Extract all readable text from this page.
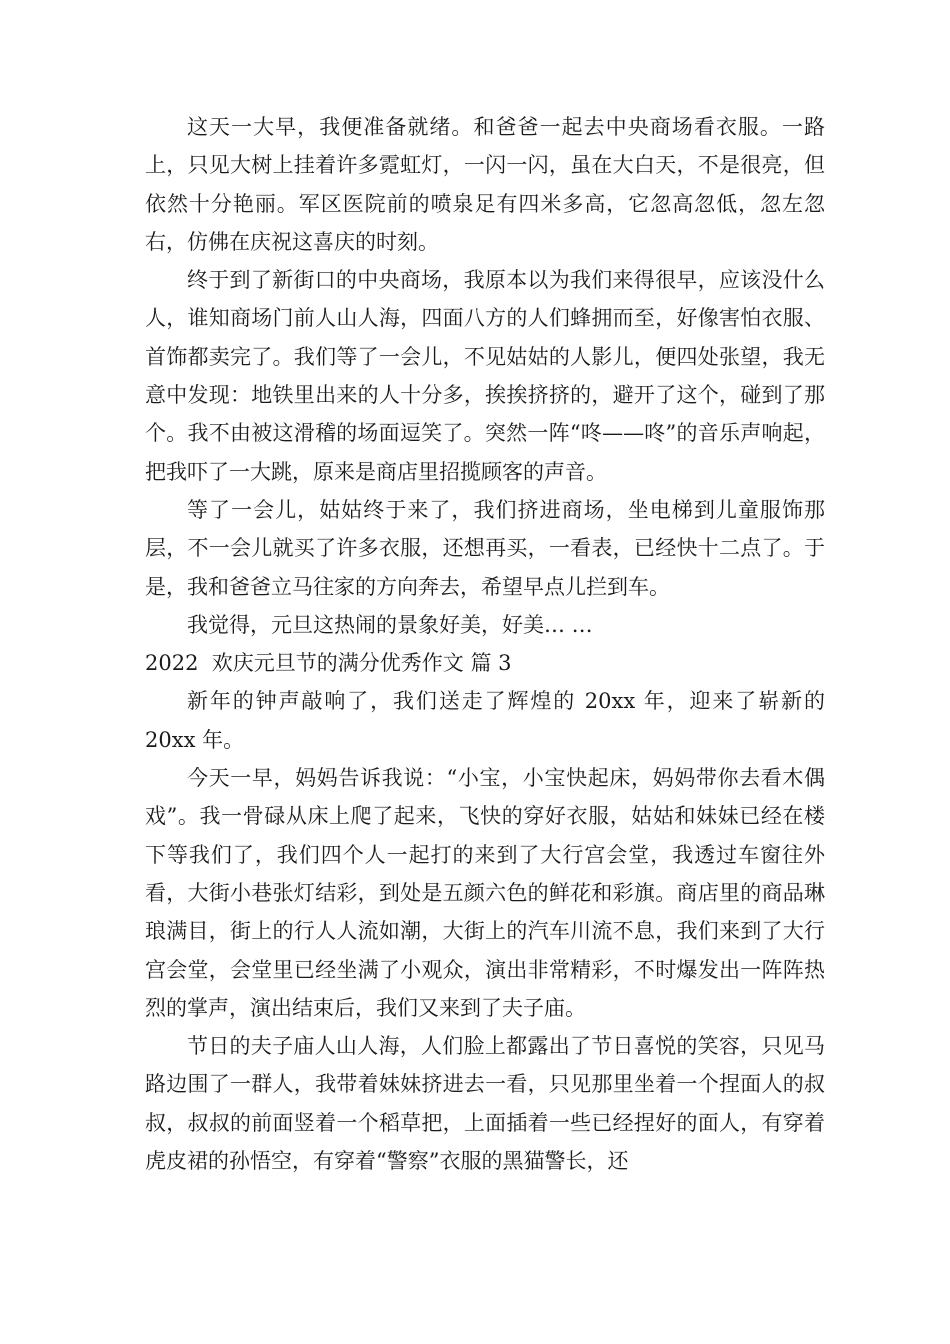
这天一大早，我便准备就绪。和爸爸一起去中央商场看衣服。一路上，只见大树上挂着许多霓虹灯，一闪一闪，虽在大白天，不是很亮，但依然十分艳丽。军区医院前的喷泉足有四米多高，它忽高忽低，忽左忽右，仿佛在庆祝这喜庆的时刻。

终于到了新街口的中央商场，我原本以为我们来得很早，应该没什么人，谁知商场门前人山人海，四面八方的人们蜂拥而至，好像害怕衣服、首饰都卖完了。我们等了一会儿，不见姑姑的人影儿，便四处张望，我无意中发现：地铁里出来的人十分多，挨挨挤挤的，避开了这个，碰到了那个。我不由被这滑稽的场面逗笑了。突然一阵“咚——咚”的音乐声响起，把我吓了一大跳，原来是商店里招揽顾客的声音。

等了一会儿，姑姑终于来了，我们挤进商场，坐电梯到儿童服饰那层，不一会儿就买了许多衣服，还想再买，一看表，已经快十二点了。于是，我和爸爸立马往家的方向奔去，希望早点儿拦到车。

我觉得，元旦这热闹的景象好美，好美… …

2022  欢庆元旦节的满分优秀作文 篇 3

新年的钟声敲响了，我们送走了辉煌的 20xx 年，迎来了崭新的 20xx 年。

今天一早，妈妈告诉我说：“小宝，小宝快起床，妈妈带你去看木偶戏”。我一骨碌从床上爬了起来，飞快的穿好衣服，姑姑和妹妹已经在楼下等我们了，我们四个人一起打的来到了大行宫会堂，我透过车窗往外看，大街小巷张灯结彩，到处是五颜六色的鲜花和彩旗。商店里的商品琳琅满目，街上的行人人流如潮，大街上的汽车川流不息，我们来到了大行宫会堂，会堂里已经坐满了小观众，演出非常精彩，不时爆发出一阵阵热烈的掌声，演出结束后，我们又来到了夫子庙。

节日的夫子庙人山人海，人们脸上都露出了节日喜悦的笑容，只见马路边围了一群人，我带着妹妹挤进去一看，只见那里坐着一个捏面人的叔叔，叔叔的前面竖着一个稻草把，上面插着一些已经捏好的面人，有穿着虎皮裙的孙悟空，有穿着“警察”衣服的黑猫警长，还
